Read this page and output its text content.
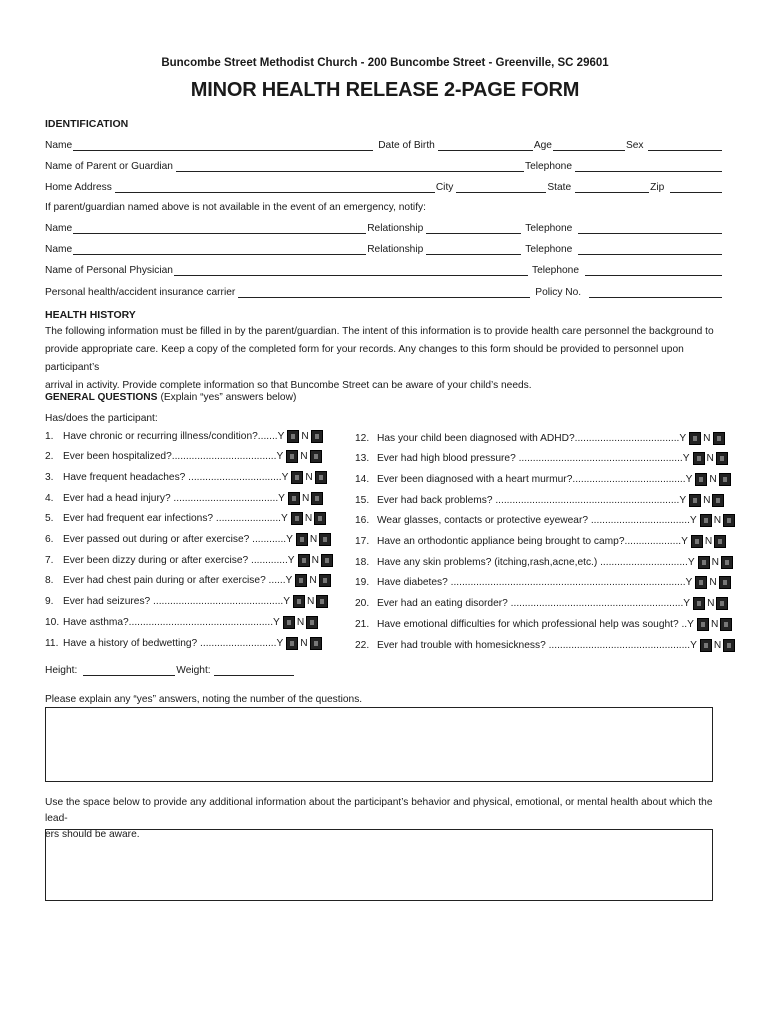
Buncombe Street Methodist Church - 200 Buncombe Street - Greenville, SC 29601
MINOR HEALTH RELEASE 2-PAGE FORM
IDENTIFICATION
Name	Date of Birth	Age	Sex
Name of Parent or Guardian	Telephone
Home Address	City	State	Zip
If parent/guardian named above is not available in the event of an emergency, notify:
Name	Relationship	Telephone
Name	Relationship	Telephone
Name of Personal Physician	Telephone
Personal health/accident insurance carrier	Policy No.
HEALTH HISTORY
The following information must be filled in by the parent/guardian. The intent of this information is to provide health care personnel the background to
provide appropriate care. Keep a copy of the completed form for your records. Any changes to this form should be provided to personnel upon participant’s
arrival in activity. Provide complete information so that Buncombe Street can be aware of your child’s needs.
GENERAL QUESTIONS (Explain “yes” answers below)
Has/does the participant:
1. Have chronic or recurring illness/condition?.......Y N
2. Ever been hospitalized?.....................................Y N
3. Have frequent headaches? .................................Y N
4. Ever had a head injury? .....................................Y N
5. Ever had frequent ear infections? .......................Y N
6. Ever passed out during or after exercise? ............Y N
7. Ever been dizzy during or after exercise? .............Y N
8. Ever had chest pain during or after exercise? ......Y N
9. Ever had seizures? ..............................................Y N
10. Have asthma?...................................................Y N
11. Have a history of bedwetting? ...........................Y N
12. Has your child been diagnosed with ADHD?.....................................Y N
13. Ever had high blood pressure? ..........................................................Y N
14. Ever been diagnosed with a heart murmur?........................................Y N
15. Ever had back problems? .................................................................Y N
16. Wear glasses, contacts or protective eyewear? ...................................Y N
17. Have an orthodontic appliance being brought to camp?....................Y N
18. Have any skin problems? (itching,rash,acne,etc.) ...............................Y N
19. Have diabetes? ...................................................................................Y N
20. Ever had an eating disorder? .............................................................Y N
21. Have emotional difficulties for which professional help was sought? ..Y N
22. Ever had trouble with homesickness? ..................................................Y N
Height:	Weight:
Please explain any “yes” answers, noting the number of the questions.
Use the space below to provide any additional information about the participant’s behavior and physical, emotional, or mental health about which the lead-
ers should be aware.
